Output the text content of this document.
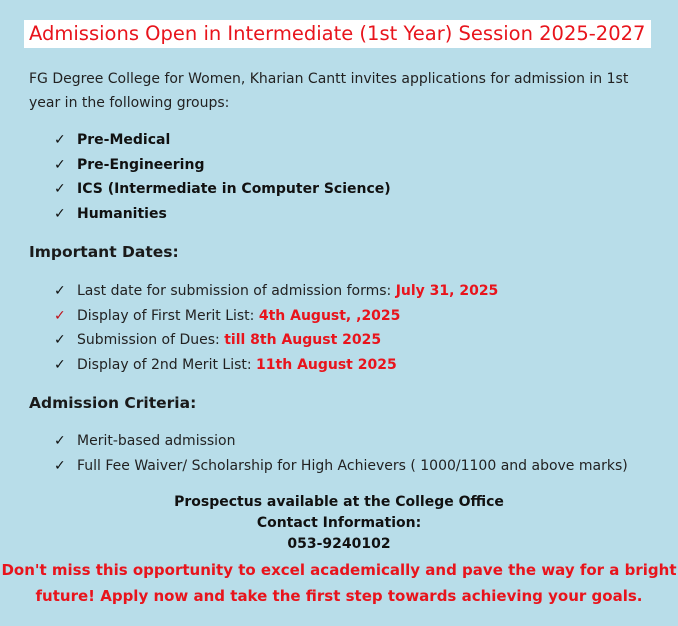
Admissions Open in Intermediate (1st Year) Session 2025-2027
FG Degree College for Women, Kharian Cantt invites applications for admission in 1st year in the following groups:
✓ Pre-Medical
✓ Pre-Engineering
✓ ICS (Intermediate in Computer Science)
✓ Humanities
Important Dates:
✓ Last date for submission of admission forms: July 31, 2025
✓ Display of First Merit List: 4th August, ,2025
✓ Submission of Dues: till 8th August 2025
✓ Display of 2nd Merit List: 11th August 2025
Admission Criteria:
✓ Merit-based admission
✓ Full Fee Waiver/ Scholarship for High Achievers ( 1000/1100 and above marks)
Prospectus available at the College Office
Contact Information:
053-9240102
Don't miss this opportunity to excel academically and pave the way for a bright
future! Apply now and take the first step towards achieving your goals.
